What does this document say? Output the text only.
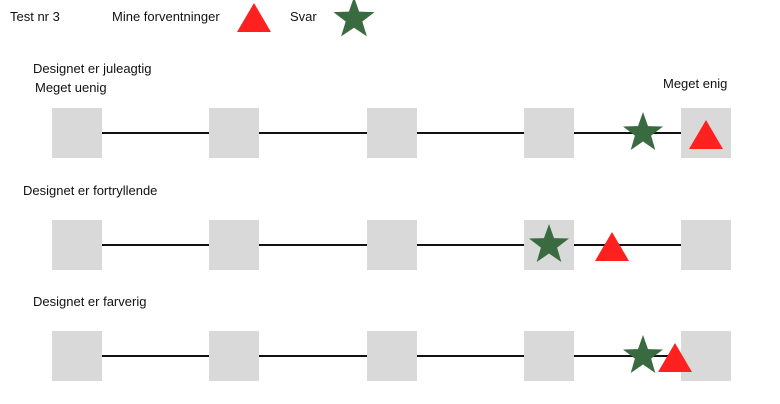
Test nr 3	Mine forventninger	Svar
Designet er juleagtig
Meget uenig	Meget enig
Designet er fortryllende
Designet er farverig
